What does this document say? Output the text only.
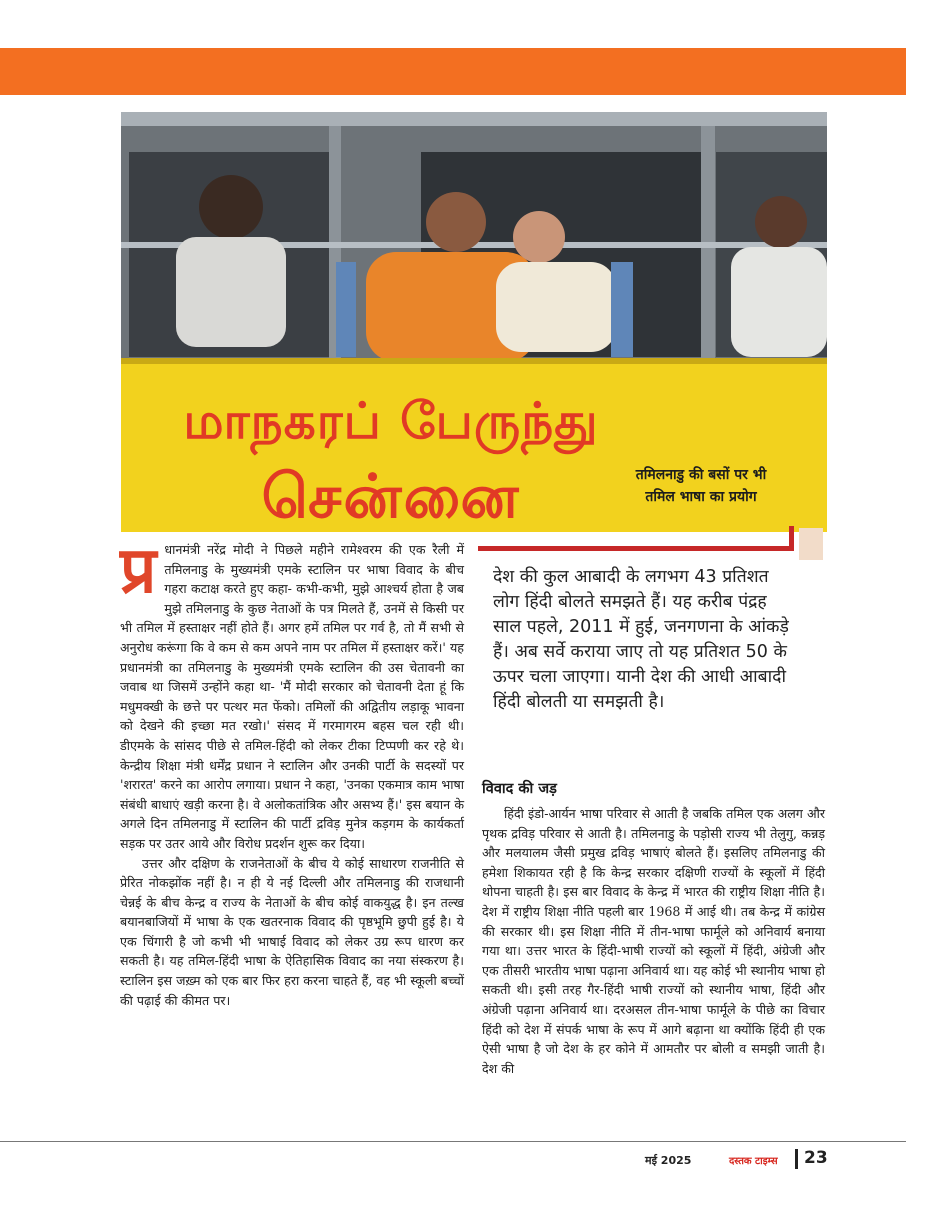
மாநகரப் பேருந்து
சென்னை	तमिलनाडु की बसों पर भी
तमिल भाषा का प्रयोग

प्र धानमंत्री नरेंद्र मोदी ने पिछले महीने रामेश्वरम की एक रैली में तमिलनाडु के मुख्यमंत्री एमके स्टालिन पर भाषा विवाद के बीच गहरा कटाक्ष करते हुए कहा- कभी-कभी, मुझे आश्चर्य होता है जब मुझे तमिलनाडु के कुछ नेताओं के पत्र मिलते हैं, उनमें से किसी पर भी तमिल में हस्ताक्षर नहीं होते हैं। अगर हमें तमिल पर गर्व है, तो मैं सभी से अनुरोध करूंगा कि वे कम से कम अपने नाम पर तमिल में हस्ताक्षर करें।' यह प्रधानमंत्री का तमिलनाडु के मुख्यमंत्री एमके स्टालिन की उस चेतावनी का जवाब था जिसमें उन्होंने कहा था- 'मैं मोदी सरकार को चेतावनी देता हूं कि मधुमक्खी के छत्ते पर पत्थर मत फेंको। तमिलों की अद्वितीय लड़ाकू भावना को देखने की इच्छा मत रखो।' संसद में गरमागरम बहस चल रही थी। डीएमके के सांसद पीछे से तमिल-हिंदी को लेकर टीका टिप्पणी कर रहे थे। केन्द्रीय शिक्षा मंत्री धर्मेंद्र प्रधान ने स्टालिन और उनकी पार्टी के सदस्यों पर 'शरारत' करने का आरोप लगाया। प्रधान ने कहा, 'उनका एकमात्र काम भाषा संबंधी बाधाएं खड़ी करना है। वे अलोकतांत्रिक और असभ्य हैं।' इस बयान के अगले दिन तमिलनाडु में स्टालिन की पार्टी द्रविड़ मुनेत्र कड़गम के कार्यकर्ता सड़क पर उतर आये और विरोध प्रदर्शन शुरू कर दिया।

उत्तर और दक्षिण के राजनेताओं के बीच ये कोई साधारण राजनीति से प्रेरित नोकझोंक नहीं है। न ही ये नई दिल्ली और तमिलनाडु की राजधानी चेन्नई के बीच केन्द्र व राज्य के नेताओं के बीच कोई वाकयुद्ध है। इन तल्ख बयानबाजियों में भाषा के एक खतरनाक विवाद की पृष्ठभूमि छुपी हुई है। ये एक चिंगारी है जो कभी भी भाषाई विवाद को लेकर उग्र रूप धारण कर सकती है। यह तमिल-हिंदी भाषा के ऐतिहासिक विवाद का नया संस्करण है। स्टालिन इस जख़्म को एक बार फिर हरा करना चाहते हैं, वह भी स्कूली बच्चों की पढ़ाई की कीमत पर।

देश की कुल आबादी के लगभग 43 प्रतिशत लोग हिंदी बोलते समझते हैं। यह करीब पंद्रह साल पहले, 2011 में हुई, जनगणना के आंकड़े हैं। अब सर्वे कराया जाए तो यह प्रतिशत 50 के ऊपर चला जाएगा। यानी देश की आधी आबादी हिंदी बोलती या समझती है।
विवाद की जड़

हिंदी इंडो-आर्यन भाषा परिवार से आती है जबकि तमिल एक अलग और पृथक द्रविड़ परिवार से आती है। तमिलनाडु के पड़ोसी राज्य भी तेलुगु, कन्नड़ और मलयालम जैसी प्रमुख द्रविड़ भाषाएं बोलते हैं। इसलिए तमिलनाडु की हमेशा शिकायत रही है कि केन्द्र सरकार दक्षिणी राज्यों के स्कूलों में हिंदी थोपना चाहती है। इस बार विवाद के केन्द्र में भारत की राष्ट्रीय शिक्षा नीति है। देश में राष्ट्रीय शिक्षा नीति पहली बार 1968 में आई थी। तब केन्द्र में कांग्रेस की सरकार थी। इस शिक्षा नीति में तीन-भाषा फार्मूले को अनिवार्य बनाया गया था। उत्तर भारत के हिंदी-भाषी राज्यों को स्कूलों में हिंदी, अंग्रेजी और एक तीसरी भारतीय भाषा पढ़ाना अनिवार्य था। यह कोई भी स्थानीय भाषा हो सकती थी। इसी तरह गैर-हिंदी भाषी राज्यों को स्थानीय भाषा, हिंदी और अंग्रेजी पढ़ाना अनिवार्य था। दरअसल तीन-भाषा फार्मूले के पीछे का विचार हिंदी को देश में संपर्क भाषा के रूप में आगे बढ़ाना था क्योंकि हिंदी ही एक ऐसी भाषा है जो देश के हर कोने में आमतौर पर बोली व समझी जाती है। देश की

मई 2025	दस्तक टाइम्स 23
